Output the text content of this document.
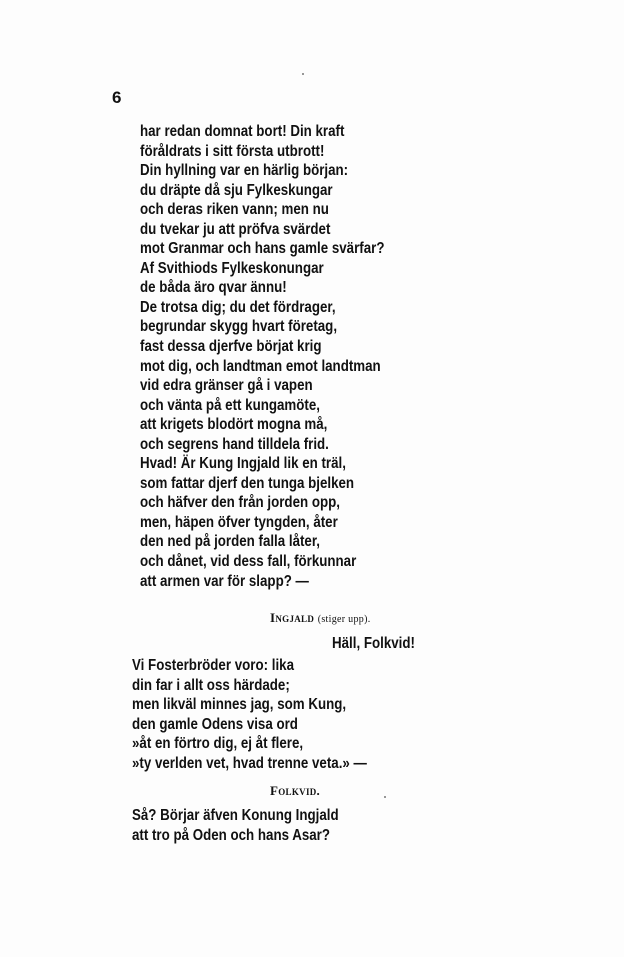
6
har redan domnat bort! Din kraft
föråldrats i sitt första utbrott!
Din hyllning var en härlig början:
du dräpte då sju Fylkeskungar
och deras riken vann; men nu
du tvekar ju att pröfva svärdet
mot Granmar och hans gamle svärfar?
Af Svithiods Fylkeskonungar
de båda äro qvar ännu!
De trotsa dig; du det fördrager,
begrundar skygg hvart företag,
fast dessa djerfve börjat krig
mot dig, och landtman emot landtman
vid edra gränser gå i vapen
och vänta på ett kungamöte,
att krigets blodört mogna må,
och segrens hand tilldela frid.
Hvad! Är Kung Ingjald lik en träl,
som fattar djerf den tunga bjelken
och häfver den från jorden opp,
men, häpen öfver tyngden, åter
den ned på jorden falla låter,
och dånet, vid dess fall, förkunnar
att armen var för slapp? —
Ingjald (stiger upp).
Häll, Folkvid!
Vi Fosterbröder voro: lika
din far i allt oss härdade;
men likväl minnes jag, som Kung,
den gamle Odens visa ord
»åt en förtro dig, ej åt flere,
»ty verlden vet, hvad trenne veta.» —
Folkvid.
Så? Börjar äfven Konung Ingjald
att tro på Oden och hans Asar?
